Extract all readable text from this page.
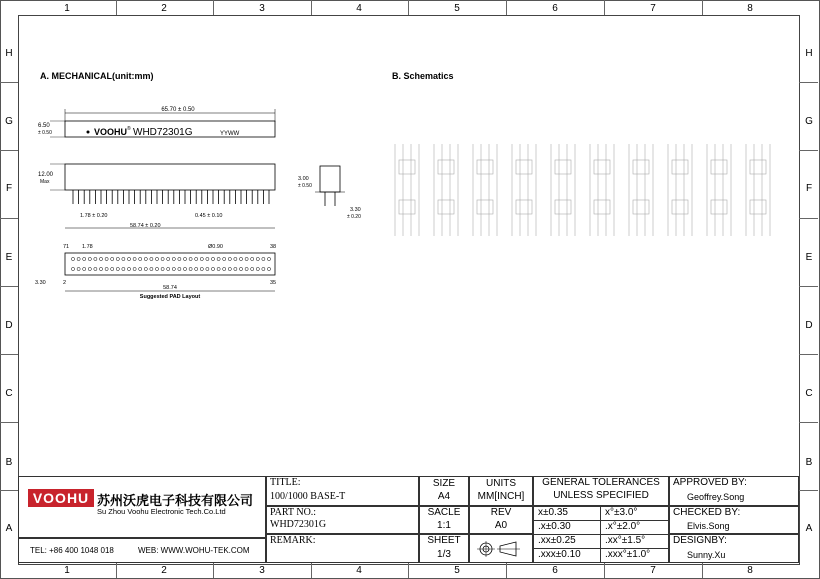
1
1
2
2
3
3
4
4
5
5
6
6
7
7
8
8
H	H
G	G
F	F
E	E
D	D
C	C
B	B
A	A
A. MECHANICAL(unit:mm)	B. Schematics
65.70 ± 0.50
6.50
± 0.50	VOOHU ® WHD72301G	YYWW
12.00
Max
58.74 ± 0.20
1.78 ± 0.20	0.45 ± 0.10
71	38
2	35
1.78	Ø0.90
58.74
3.30
Suggested PAD Layout
3.00
± 0.50
3.30
± 0.20
VOOHU 苏州沃虎电子科技有限公司
Su Zhou Voohu Electronic Tech.Co.Ltd
TEL: +86 400 1048 018	WEB: WWW.WOHU-TEK.COM
TITLE:
100/1000 BASE-T
PART NO.:
WHD72301G
REMARK:
SIZE
A4
SACLE
1:1
SHEET
1/3
UNITS
MM[INCH]
REV
A0
GENERAL TOLERANCES
UNLESS SPECIFIED
x±0.35	x°±3.0°
.x±0.30	.x°±2.0°
.xx±0.25	.xx°±1.5°
.xxx±0.10 .xxx°±1.0°
APPROVED BY:
Geoffrey.Song
CHECKED BY:
Elvis.Song
DESIGNBY:
Sunny.Xu
